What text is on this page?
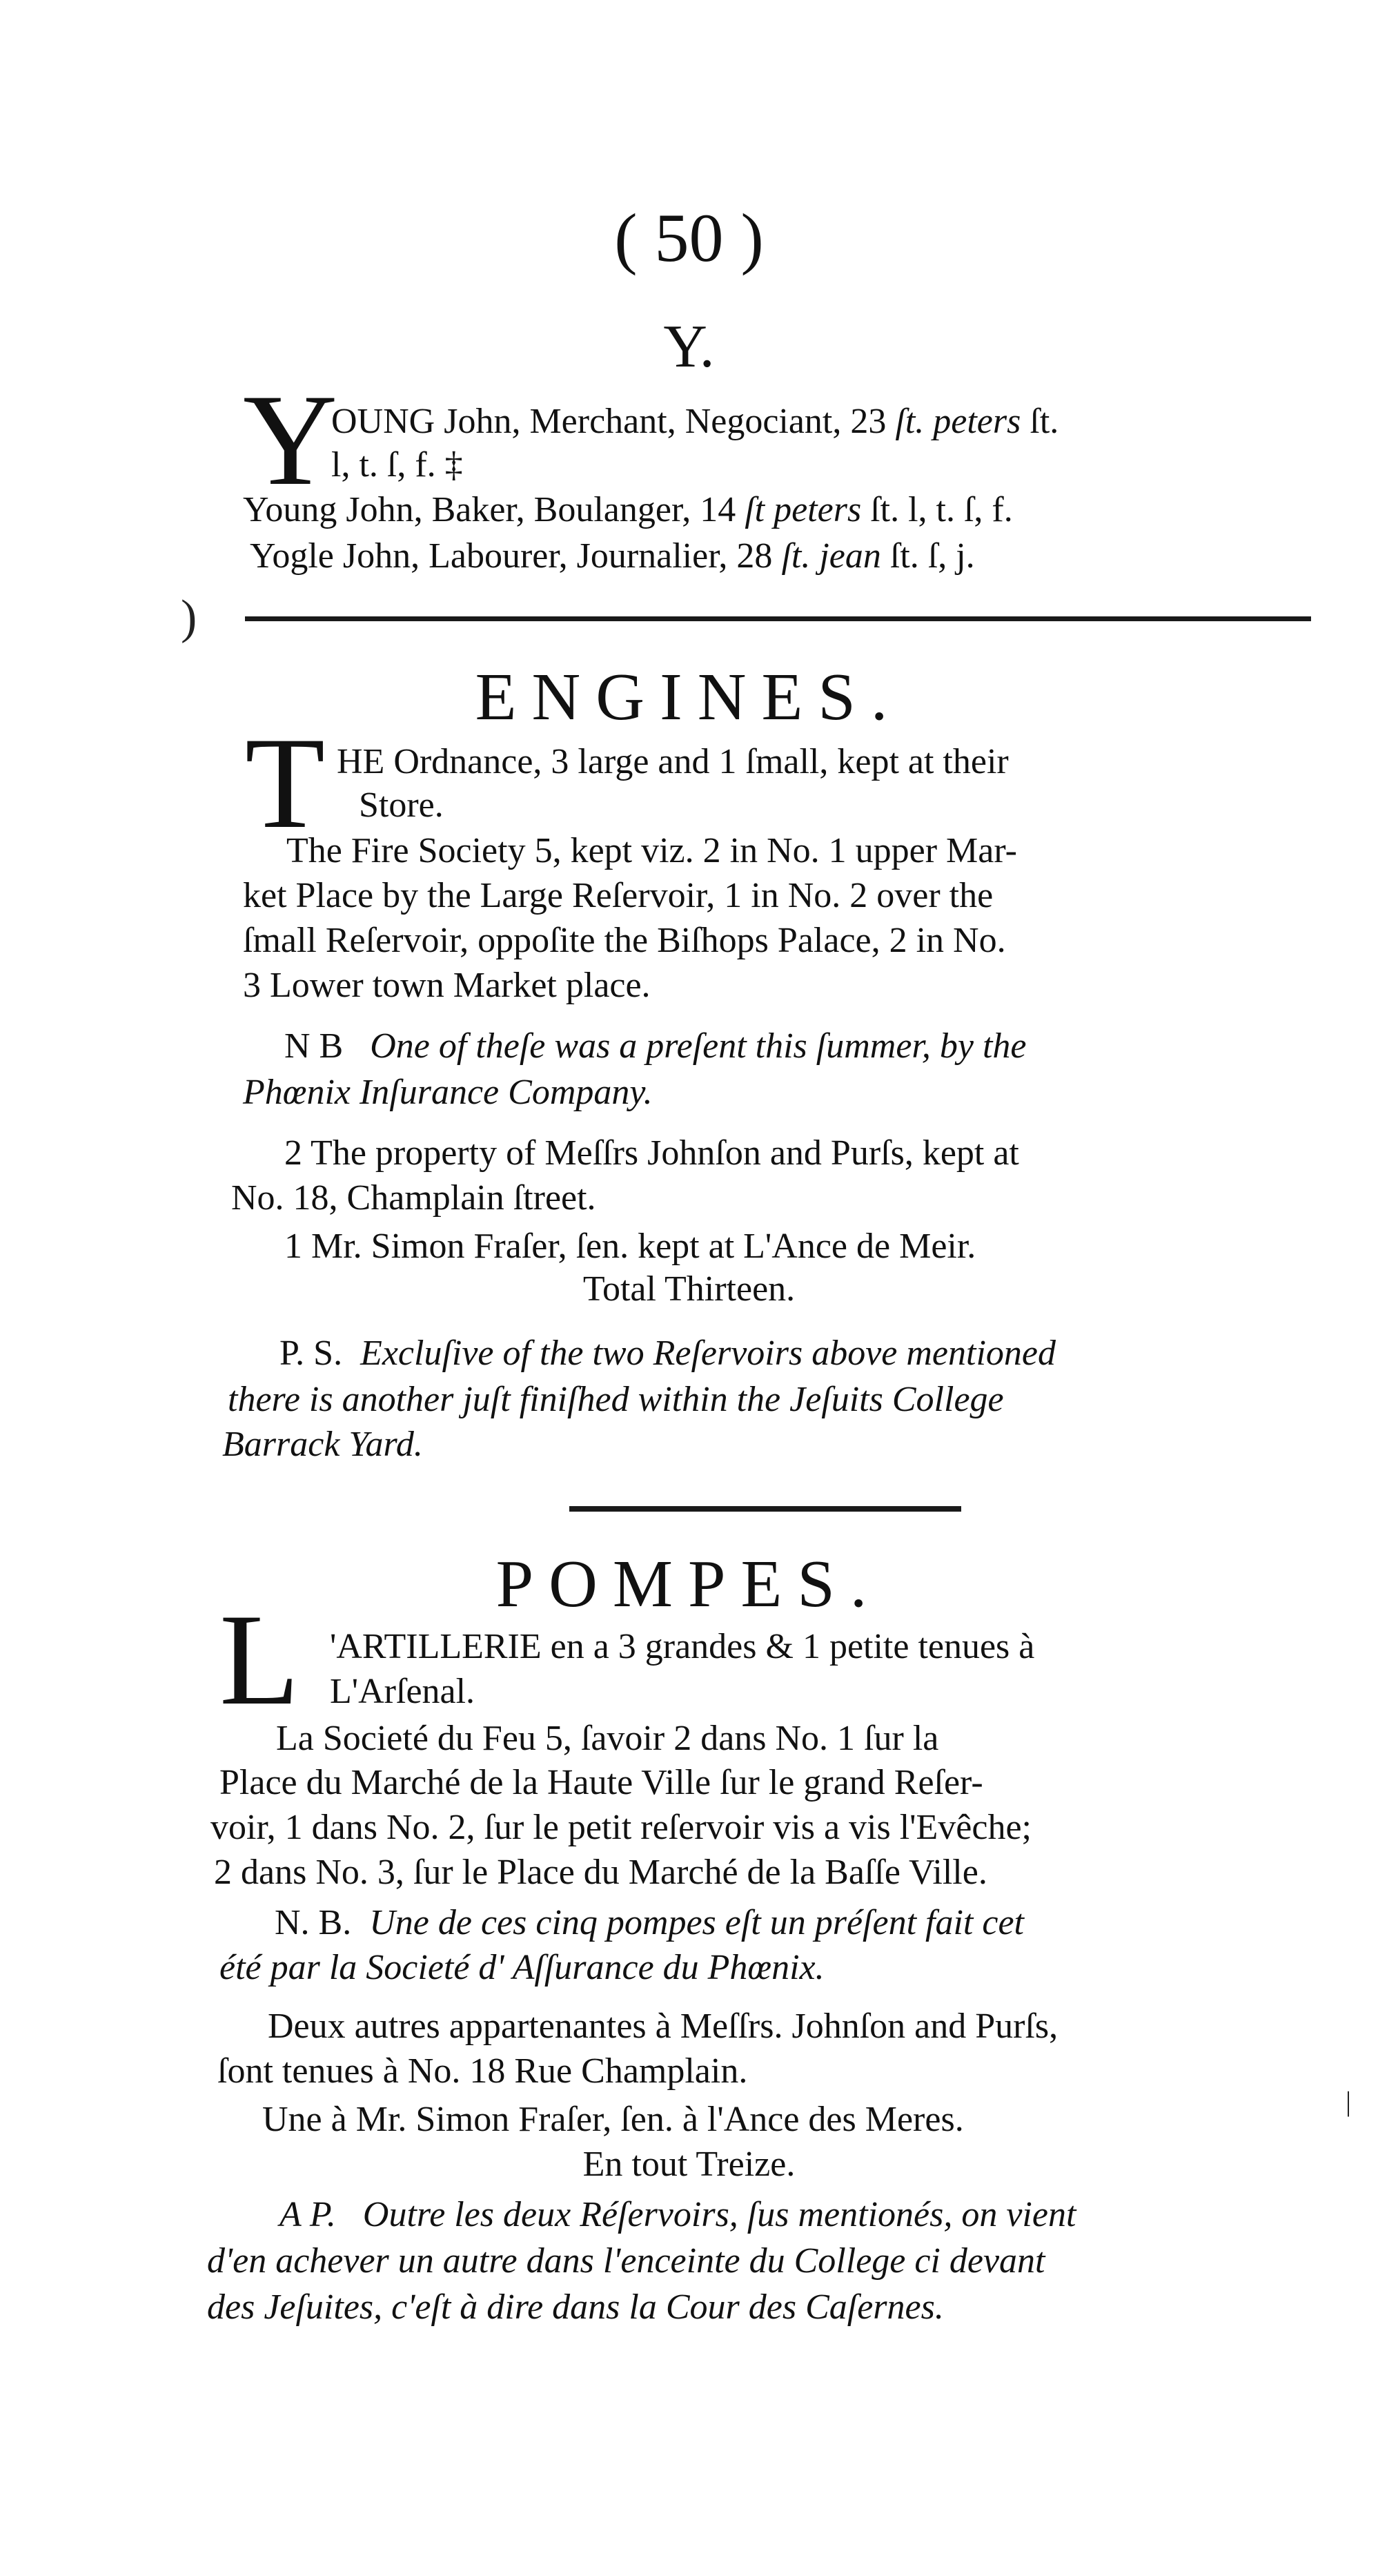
( 50 )
Y.
Y
OUNG John, Merchant, Negociant, 23 ſt. peters ſt.
l, t. ſ, f. ‡
Young John, Baker, Boulanger, 14 ſt peters ſt. l, t. ſ, f.
Yogle John, Labourer, Journalier, 28 ſt. jean ſt. ſ, j.
)
ENGINES.
T HE Ordnance, 3 large and 1 ſmall, kept at their
Store.
The Fire Society 5, kept viz. 2 in No. 1 upper Mar-
ket Place by the Large Reſervoir, 1 in No. 2 over the
ſmall Reſervoir, oppoſite the Biſhops Palace, 2 in No.
3 Lower town Market place.
N B One of theſe was a preſent this ſummer, by the
Phœnix Inſurance Company.
2 The property of Meſſrs Johnſon and Purſs, kept at
No. 18, Champlain ſtreet.
1 Mr. Simon Fraſer, ſen. kept at L'Ance de Meir.
Total Thirteen.
P. S. Excluſive of the two Reſervoirs above mentioned
there is another juſt finiſhed within the Jeſuits College
Barrack Yard.
POMPES.
L 'ARTILLERIE en a 3 grandes & 1 petite tenues à
L'Arſenal.
La Societé du Feu 5, ſavoir 2 dans No. 1 ſur la
Place du Marché de la Haute Ville ſur le grand Reſer-
voir, 1 dans No. 2, ſur le petit reſervoir vis a vis l'Evêche;
2 dans No. 3, ſur le Place du Marché de la Baſſe Ville.
N. B. Une de ces cinq pompes eſt un préſent fait cet
été par la Societé d' Aſſurance du Phœnix.
Deux autres appartenantes à Meſſrs. Johnſon and Purſs,
ſont tenues à No. 18 Rue Champlain.
Une à Mr. Simon Fraſer, ſen. à l'Ance des Meres.
En tout Treize.
A P. Outre les deux Réſervoirs, ſus mentionés, on vient
d'en achever un autre dans l'enceinte du College ci devant
des Jeſuites, c'eſt à dire dans la Cour des Caſernes.
|
